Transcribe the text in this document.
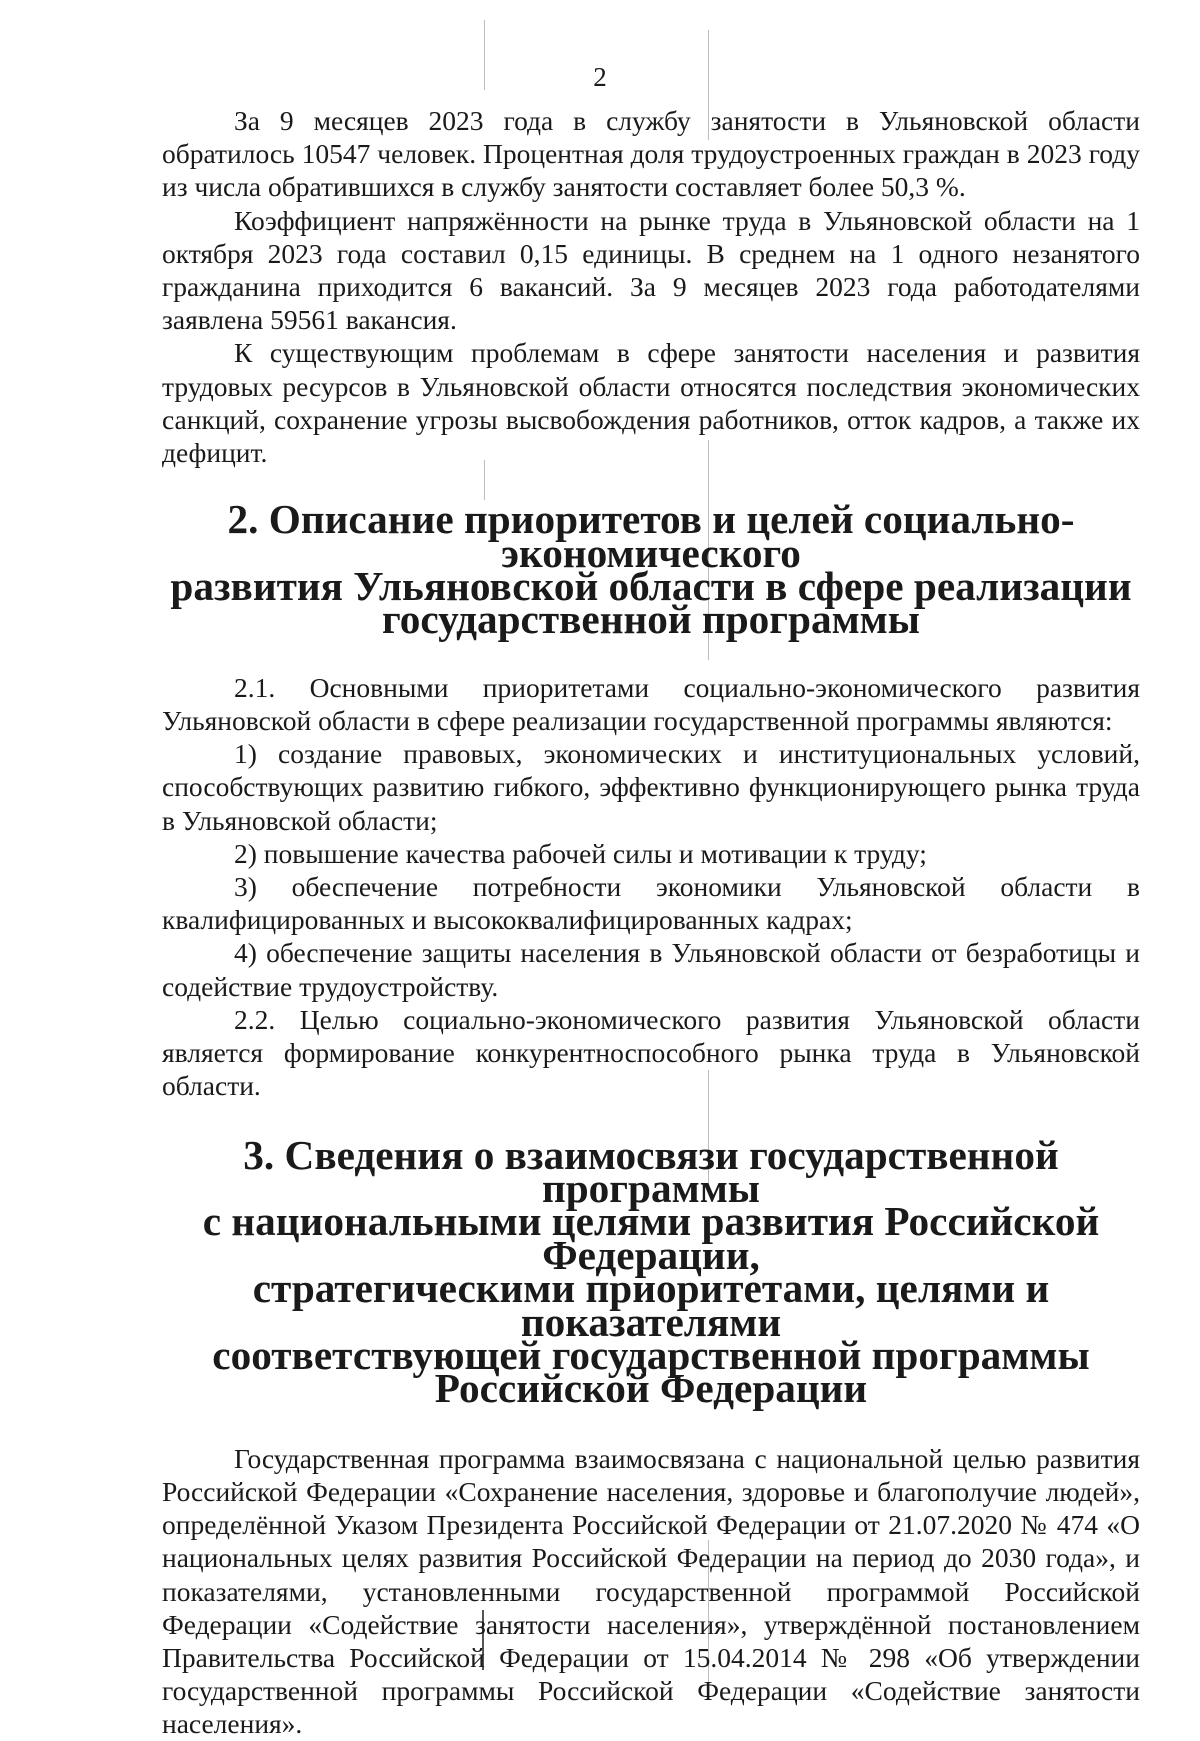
2

За 9 месяцев 2023 года в службу занятости в Ульяновской области обратилось 10547 человек. Процентная доля трудоустроенных граждан в 2023 году из числа обратившихся в службу занятости составляет более 50,3 %.

Коэффициент напряжённости на рынке труда в Ульяновской области на 1 октября 2023 года составил 0,15 единицы. В среднем на 1 одного незанятого гражданина приходится 6 вакансий. За 9 месяцев 2023 года работодателями заявлена 59561 вакансия.

К существующим проблемам в сфере занятости населения и развития трудовых ресурсов в Ульяновской области относятся последствия экономических санкций, сохранение угрозы высвобождения работников, отток кадров, а также их дефицит.

2. Описание приоритетов и целей социально-экономического
развития Ульяновской области в сфере реализации
государственной программы

2.1. Основными приоритетами социально-экономического развития Ульяновской области в сфере реализации государственной программы являются:

1) создание правовых, экономических и институциональных условий, способствующих развитию гибкого, эффективно функционирующего рынка труда в Ульяновской области;

2) повышение качества рабочей силы и мотивации к труду;

3) обеспечение потребности экономики Ульяновской области в квалифицированных и высококвалифицированных кадрах;

4) обеспечение защиты населения в Ульяновской области от безработицы и содействие трудоустройству.

2.2. Целью социально-экономического развития Ульяновской области является формирование конкурентноспособного рынка труда в Ульяновской области.

3. Сведения о взаимосвязи государственной программы
с национальными целями развития Российской Федерации,
стратегическими приоритетами, целями и показателями
соответствующей государственной программы Российской Федерации

Государственная программа взаимосвязана с национальной целью развития Российской Федерации «Сохранение населения, здоровье и благополучие людей», определённой Указом Президента Российской Федерации от 21.07.2020 № 474 «О национальных целях развития Российской Федерации на период до 2030 года», и показателями, установленными государственной программой Российской Федерации «Содействие занятости населения», утверждённой постановлением Правительства Российской Федерации от 15.04.2014 № 298 «Об утверждении государственной программы Российской Федерации «Содействие занятости населения».
